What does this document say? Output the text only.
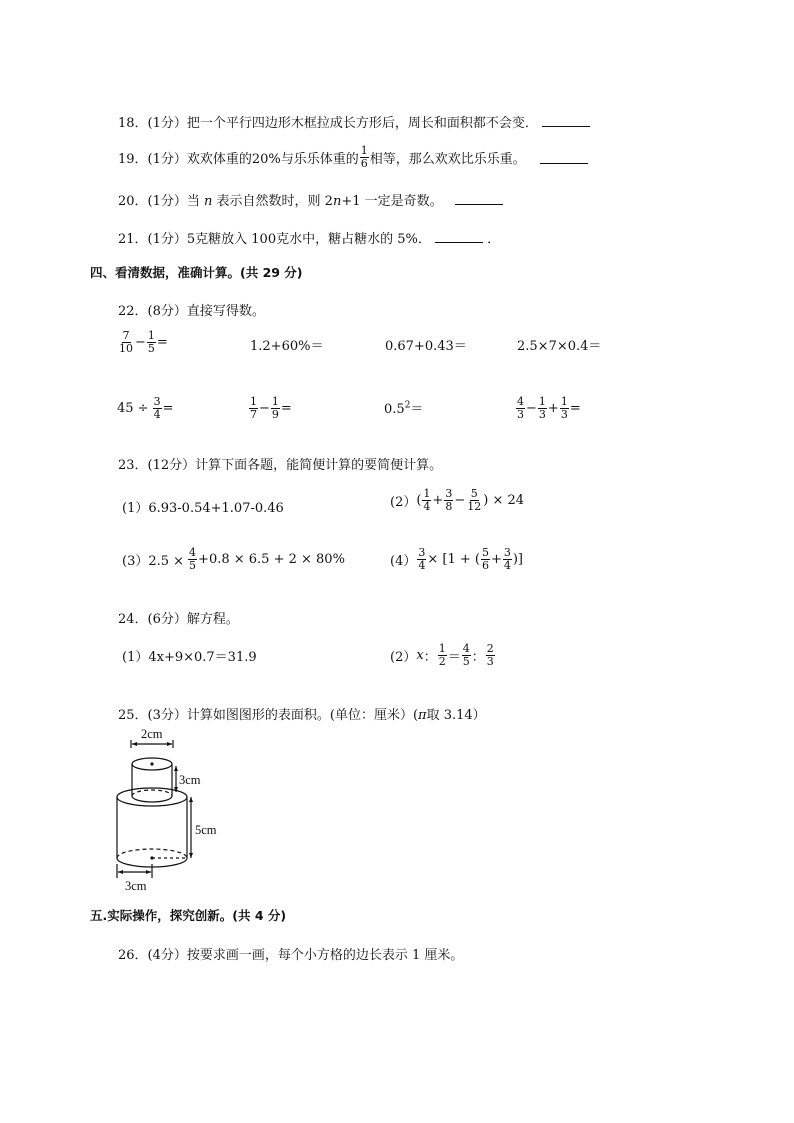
18．(1分）把一个平行四边形木框拉成长方形后，周长和面积都不会变．
19．(1分）欢欢体重的20%与乐乐体重的 $\frac{1}{6}$ 相等，那么欢欢比乐乐重。
20．(1分）当 n 表示自然数时，则 2n+1 一定是奇数。
21．(1分）5克糖放入 100克水中，糖占糖水的 5%．	．
四、看清数据，准确计算。(共 29 分)
22．(8分）直接写得数。
$\frac{7}{10} - \frac{1}{5}$ =	1.2+60%＝	0.67+0.43＝	2.5×7×0.4＝
$45 \div \frac{3}{4}$ =	$\frac{1}{7} - \frac{1}{9}$ =	$0.5^2=$	$\frac{4}{3} - \frac{1}{3} + \frac{1}{3}$ =
23．(12分）计算下面各题，能简便计算的要简便计算。
(1）6.93-0.54+1.07-0.46	(2） ( $\frac{1}{4} + \frac{3}{8} - \frac{5}{12}$ ) × 24
$(3)2.5 \times \frac{4}{5} +0.8 \times 6.5 + 2 \times 80\%$	$(4) \frac{3}{4} \times [1$ + ( $\frac{5}{6} + \frac{3}{4}$ )]
24．(6分）解方程。
(1）4x+9×0.7＝31.9	(2） x ： $\frac{1}{2} = \frac{4}{5}$ ： $\frac{2}{3}$
25．(3分）计算如图图形的表面积。(单位：厘米）(π取 3.14）
2cm
3cm
5cm
3cm
五.实际操作，探究创新。(共 4 分)
26．(4分）按要求画一画，每个小方格的边长表示 1 厘米。
